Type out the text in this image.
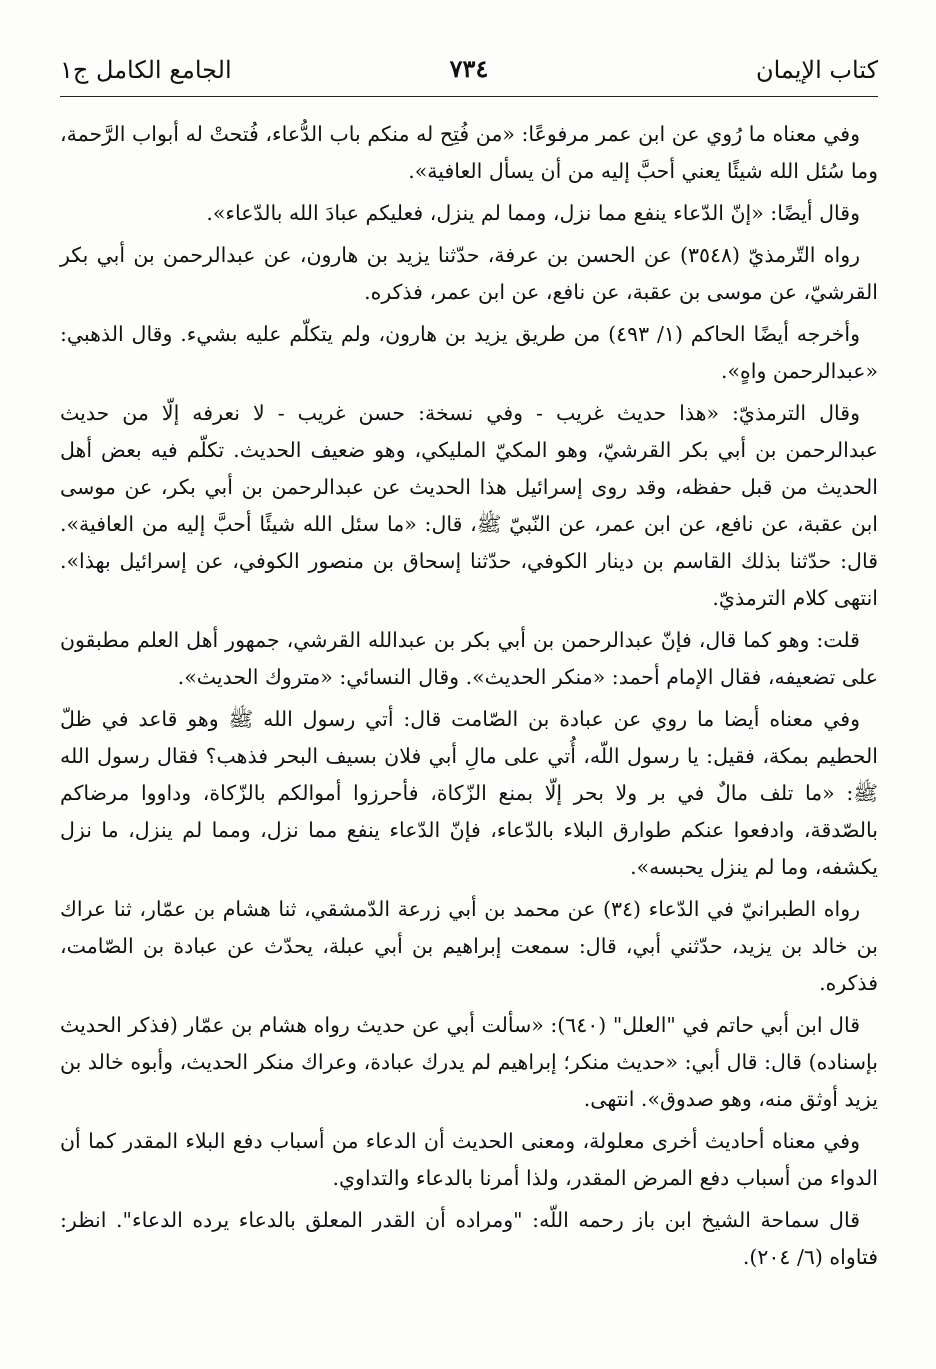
كتاب الإيمان
٧٣٤
الجامع الكامل ج١

وفي معناه ما رُوي عن ابن عمر مرفوعًا: «من فُتِح له منكم باب الدُّعاء، فُتحتْ له أبواب الرَّحمة، وما سُئل الله شيئًا يعني أحبَّ إليه من أن يسأل العافية».

وقال أيضًا: «إنّ الدّعاء ينفع مما نزل، ومما لم ينزل، فعليكم عبادَ الله بالدّعاء».

رواه التّرمذيّ (٣٥٤٨) عن الحسن بن عرفة، حدّثنا يزيد بن هارون، عن عبدالرحمن بن أبي بكر القرشيّ، عن موسى بن عقبة، عن نافع، عن ابن عمر، فذكره.

وأخرجه أيضًا الحاكم (١/ ٤٩٣) من طريق يزيد بن هارون، ولم يتكلّم عليه بشيء. وقال الذهبي: «عبدالرحمن واهٍ».

وقال الترمذيّ: «هذا حديث غريب - وفي نسخة: حسن غريب - لا نعرفه إلّا من حديث عبدالرحمن بن أبي بكر القرشيّ، وهو المكيّ المليكي، وهو ضعيف الحديث. تكلّم فيه بعض أهل الحديث من قبل حفظه، وقد روى إسرائيل هذا الحديث عن عبدالرحمن بن أبي بكر، عن موسى ابن عقبة، عن نافع، عن ابن عمر، عن النّبيّ ﷺ، قال: «ما سئل الله شيئًا أحبَّ إليه من العافية». قال: حدّثنا بذلك القاسم بن دينار الكوفي، حدّثنا إسحاق بن منصور الكوفي، عن إسرائيل بهذا». انتهى كلام الترمذيّ.

قلت: وهو كما قال، فإنّ عبدالرحمن بن أبي بكر بن عبدالله القرشي، جمهور أهل العلم مطبقون على تضعيفه، فقال الإمام أحمد: «منكر الحديث». وقال النسائي: «متروك الحديث».

وفي معناه أيضا ما روي عن عبادة بن الصّامت قال: أتي رسول الله ﷺ وهو قاعد في ظلّ الحطيم بمكة، فقيل: يا رسول اللّه، أُتي على مالِ أبي فلان بسيف البحر فذهب؟ فقال رسول الله ﷺ: «ما تلف مالٌ في بر ولا بحر إلّا بمنع الزّكاة، فأحرزوا أموالكم بالزّكاة، وداووا مرضاكم بالصّدقة، وادفعوا عنكم طوارق البلاء بالدّعاء، فإنّ الدّعاء ينفع مما نزل، ومما لم ينزل، ما نزل يكشفه، وما لم ينزل يحبسه».

رواه الطبرانيّ في الدّعاء (٣٤) عن محمد بن أبي زرعة الدّمشقي، ثنا هشام بن عمّار، ثنا عراك بن خالد بن يزيد، حدّثني أبي، قال: سمعت إبراهيم بن أبي عبلة، يحدّث عن عبادة بن الصّامت، فذكره.

قال ابن أبي حاتم في "العلل" (٦٤٠): «سألت أبي عن حديث رواه هشام بن عمّار (فذكر الحديث بإسناده) قال: قال أبي: «حديث منكر؛ إبراهيم لم يدرك عبادة، وعراك منكر الحديث، وأبوه خالد بن يزيد أوثق منه، وهو صدوق». انتهى.

وفي معناه أحاديث أخرى معلولة، ومعنى الحديث أن الدعاء من أسباب دفع البلاء المقدر كما أن الدواء من أسباب دفع المرض المقدر، ولذا أمرنا بالدعاء والتداوي.

قال سماحة الشيخ ابن باز رحمه اللّه: "ومراده أن القدر المعلق بالدعاء يرده الدعاء". انظر: فتاواه (٦/ ٢٠٤).
